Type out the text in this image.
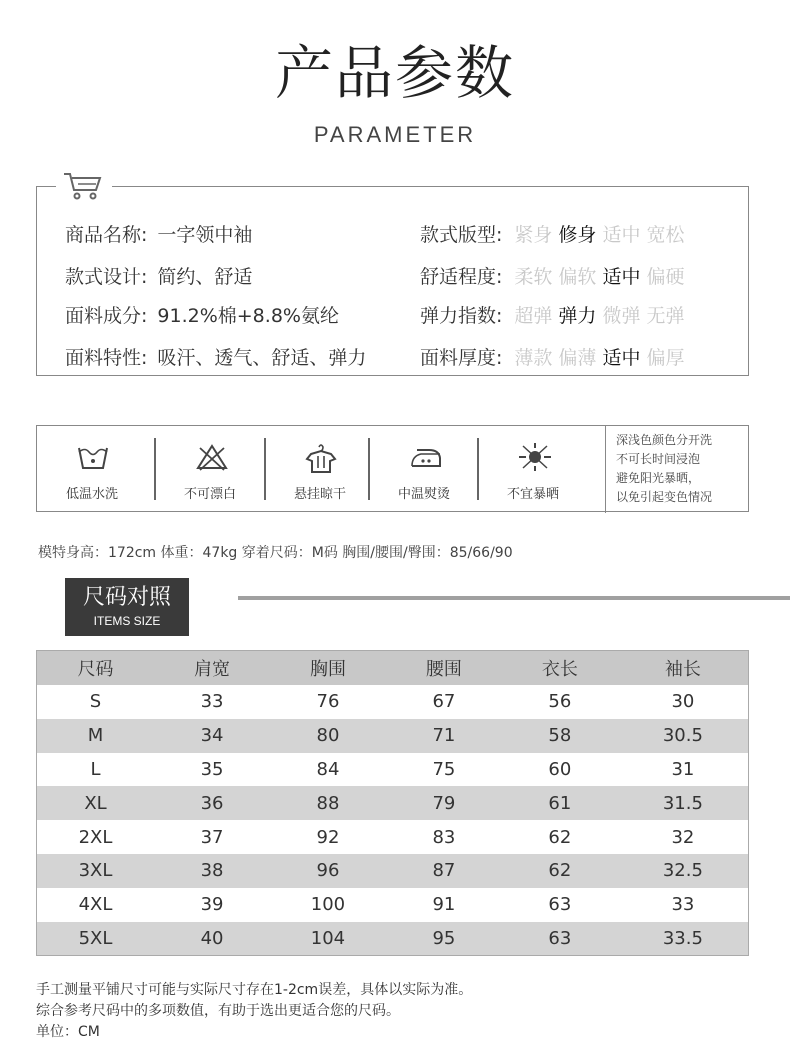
产品参数
PARAMETER
商品名称: 一字领中袖
款式设计: 简约、舒适
面料成分: 91.2%棉+8.8%氨纶
面料特性: 吸汗、透气、舒适、弹力
款式版型: 紧身 修身 适中 宽松
舒适程度: 柔软 偏软 适中 偏硬
弹力指数: 超弹 弹力 微弹 无弹
面料厚度: 薄款 偏薄 适中 偏厚
低温水洗	不可漂白	悬挂晾干	中温熨烫	不宜暴晒
深浅色颜色分开洗
不可长时间浸泡
避免阳光暴晒，
以免引起变色情况
模特身高：172cm 体重：47kg 穿着尺码：M码 胸围/腰围/臀围：85/66/90
尺码对照
ITEMS SIZE
尺码	肩宽	胸围	腰围	衣长	袖长
S	33	76	67	56	30
M	34	80	71	58	30.5
L	35	84	75	60	31
XL	36	88	79	61	31.5
2XL	37	92	83	62	32
3XL	38	96	87	62	32.5
4XL	39	100	91	63	33
5XL	40	104	95	63	33.5
手工测量平铺尺寸可能与实际尺寸存在1-2cm误差，具体以实际为准。
综合参考尺码中的多项数值，有助于选出更适合您的尺码。
单位：CM
